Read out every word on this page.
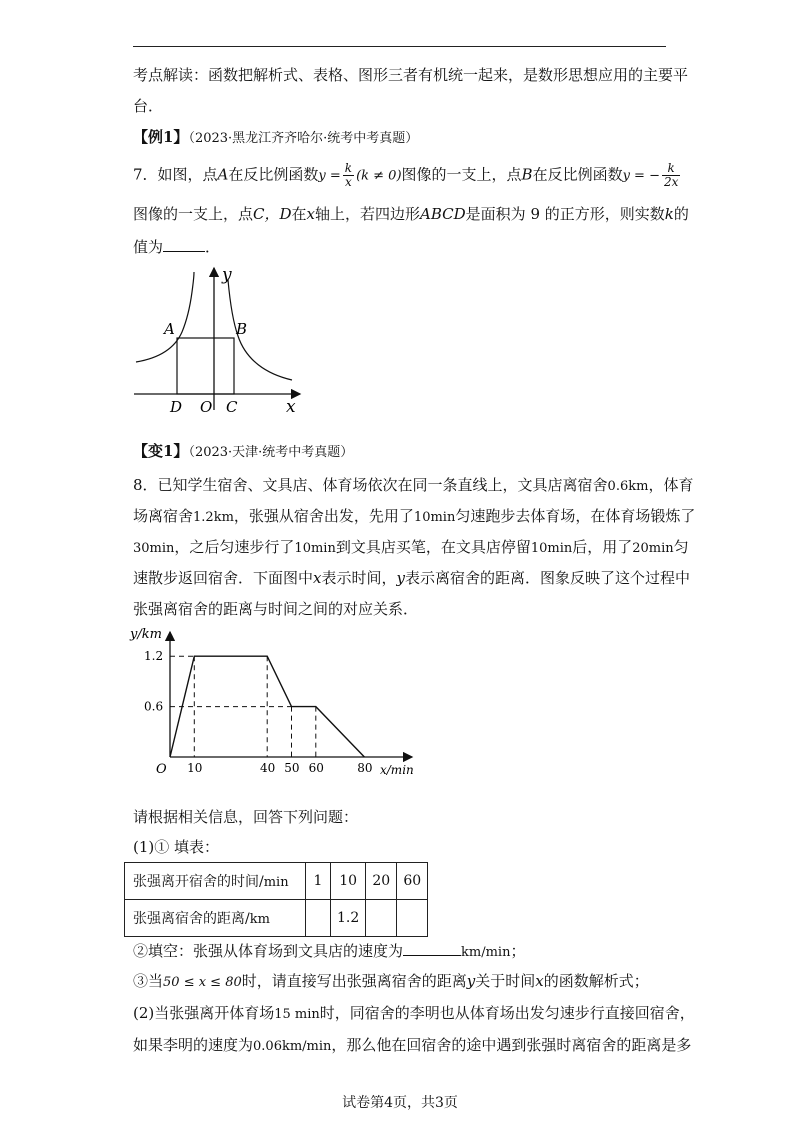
考点解读：函数把解析式、表格、图形三者有机统一起来，是数形思想应用的主要平
台．
【例1】（2023·黑龙江齐齐哈尔·统考中考真题）
7．如图，点A在反比例函数$y = \frac{k}{x} (k \ne 0)$图像的一支上，点B在反比例函数y = − $\frac{k}{2x}$
图像的一支上，点C，D在x轴上，若四边形ABCD是面积为 9 的正方形，则实数k的
值为	．
y
A	B
D O C	x
【变1】（2023·天津·统考中考真题）
8．已知学生宿舍、文具店、体育场依次在同一条直线上，文具店离宿舍0.6km，体育
场离宿舍1.2km，张强从宿舍出发，先用了10min匀速跑步去体育场，在体育场锻炼了
30min，之后匀速步行了10min到文具店买笔，在文具店停留10min后，用了20min匀
速散步返回宿舍．下面图中x表示时间，y表示离宿舍的距离．图象反映了这个过程中
张强离宿舍的距离与时间之间的对应关系．
10	40 50 60	80
0.6
1.2
O
y/km
x/min
请根据相关信息，回答下列问题：
(1)① 填表：
张强离开宿舍的时间/min	1	10	20	60
张强离宿舍的距离/km		1.2		
②填空：张强从体育场到文具店的速度为	km/min；
③当50 ≤ x ≤ 80时，请直接写出张强离宿舍的距离y关于时间x的函数解析式；
(2)当张强离开体育场15 min时，同宿舍的李明也从体育场出发匀速步行直接回宿舍，
如果李明的速度为0.06km/min，那么他在回宿舍的途中遇到张强时离宿舍的距离是多
试卷第4页，共3页
